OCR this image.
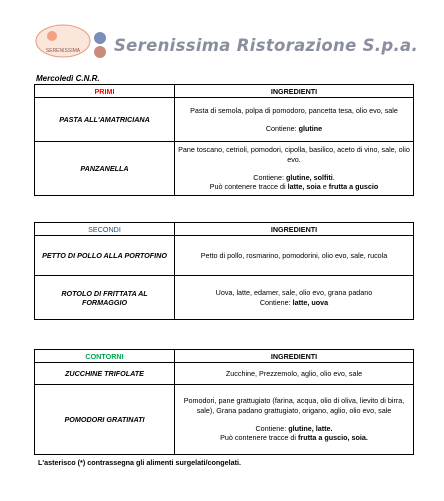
SERENISSIMA Serenissima Ristorazione S.p.a.
Mercoledì C.N.R.
PRIMI	INGREDIENTI
PASTA ALL'AMATRICIANA	Pasta di semola, polpa di pomodoro, pancetta tesa, olio evo, sale
Contiene: glutine
PANZANELLA	Pane toscano, cetrioli, pomodori, cipolla, basilico, aceto di vino, sale, olio evo.
Contiene: glutine, solfiti.
Può contenere tracce di latte, soia e frutta a guscio
SECONDI	INGREDIENTI
PETTO DI POLLO ALLA PORTOFINO	Petto di pollo, rosmarino, pomodorini, olio evo, sale, rucola
ROTOLO DI FRITTATA AL FORMAGGIO	Uova, latte, edamer, sale, olio evo, grana padano
Contiene: latte, uova
CONTORNI	INGREDIENTI
ZUCCHINE TRIFOLATE	Zucchine, Prezzemolo, aglio, olio evo, sale
POMODORI GRATINATI	Pomodori, pane grattugiato (farina, acqua, olio di oliva, lievito di birra, sale), Grana padano grattugiato, origano, aglio, olio evo, sale
Contiene: glutine, latte.
Può contenere tracce di frutta a guscio, soia.
L'asterisco (*) contrassegna gli alimenti surgelati/congelati.
